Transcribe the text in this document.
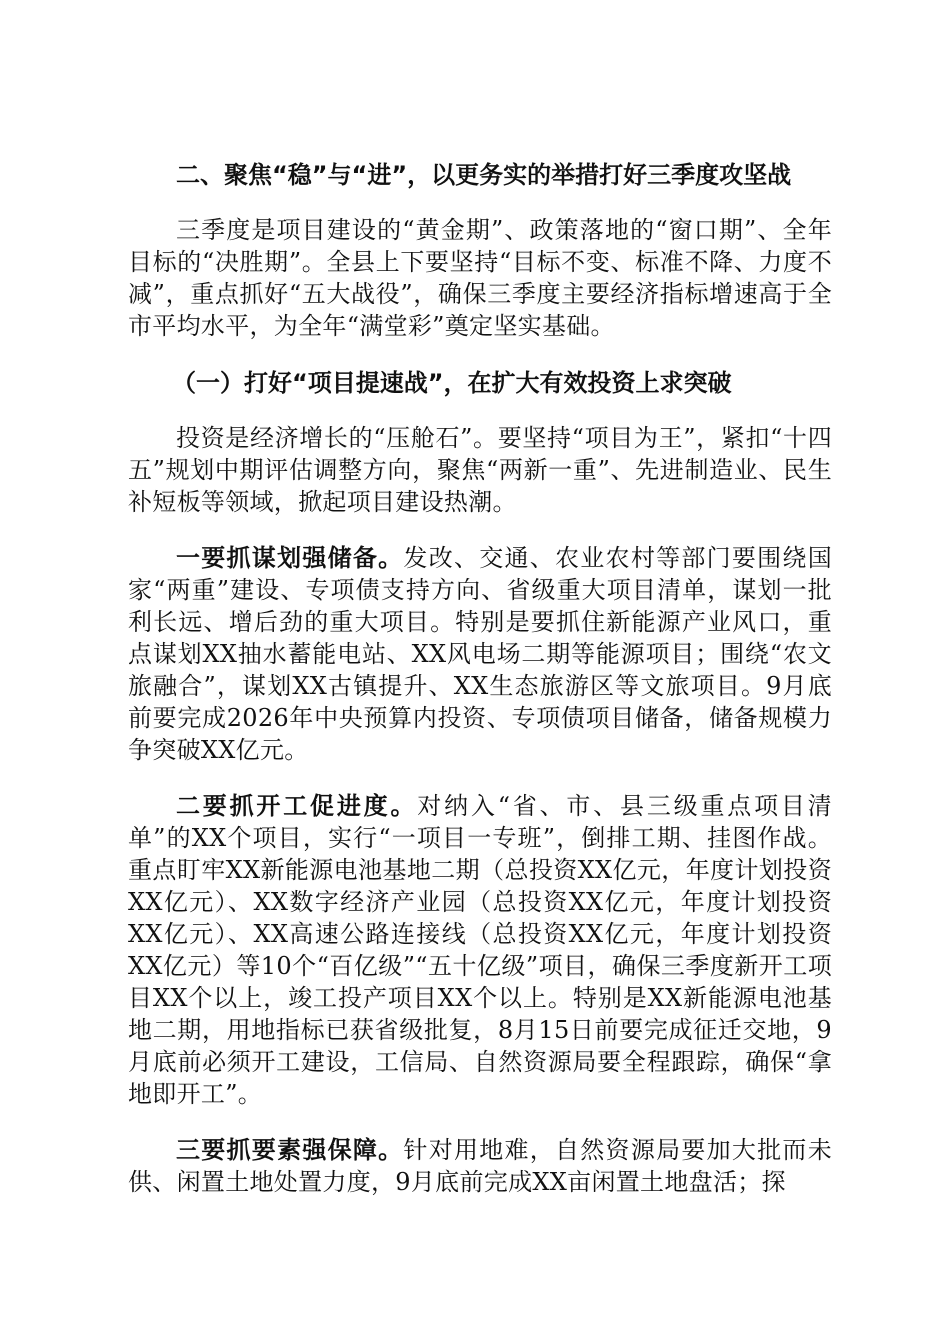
二、聚焦“稳”与“进”，以更务实的举措打好三季度攻坚战

三季度是项目建设的“黄金期”、政策落地的“窗口期”、全年目标的“决胜期”。全县上下要坚持“目标不变、标准不降、力度不减”，重点抓好“五大战役”，确保三季度主要经济指标增速高于全市平均水平，为全年“满堂彩”奠定坚实基础。

（一）打好“项目提速战”，在扩大有效投资上求突破

投资是经济增长的“压舱石”。要坚持“项目为王”，紧扣“十四五”规划中期评估调整方向，聚焦“两新一重”、先进制造业、民生补短板等领域，掀起项目建设热潮。

一要抓谋划强储备。发改、交通、农业农村等部门要围绕国家“两重”建设、专项债支持方向、省级重大项目清单，谋划一批利长远、增后劲的重大项目。特别是要抓住新能源产业风口，重点谋划XX抽水蓄能电站、XX风电场二期等能源项目；围绕“农文旅融合”，谋划XX古镇提升、XX生态旅游区等文旅项目。9月底前要完成2026年中央预算内投资、专项债项目储备，储备规模力争突破XX亿元。

二要抓开工促进度。对纳入“省、市、县三级重点项目清单”的XX个项目，实行“一项目一专班”，倒排工期、挂图作战。重点盯牢XX新能源电池基地二期（总投资XX亿元，年度计划投资XX亿元）、XX数字经济产业园（总投资XX亿元，年度计划投资XX亿元）、XX高速公路连接线（总投资XX亿元，年度计划投资XX亿元）等10个“百亿级”“五十亿级”项目，确保三季度新开工项目XX个以上，竣工投产项目XX个以上。特别是XX新能源电池基地二期，用地指标已获省级批复，8月15日前要完成征迁交地，9月底前必须开工建设，工信局、自然资源局要全程跟踪，确保“拿地即开工”。

三要抓要素强保障。针对用地难，自然资源局要加大批而未供、闲置土地处置力度，9月底前完成XX亩闲置土地盘活；探
